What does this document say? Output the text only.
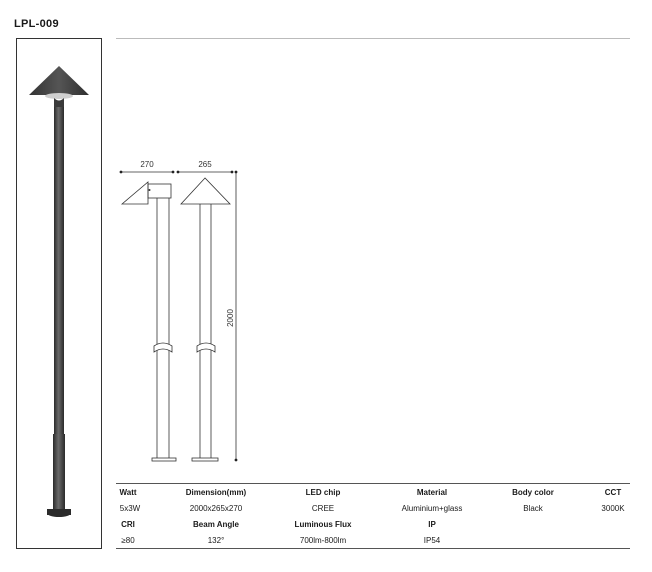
LPL-009
270	265
2000
Watt	Dimension(mm)	LED chip	Material	Body color	CCT
5x3W	2000x265x270	CREE	Aluminium+glass	Black	3000K
CRI	Beam Angle	Luminous Flux	IP
≥80	132°	700lm-800lm	IP54
